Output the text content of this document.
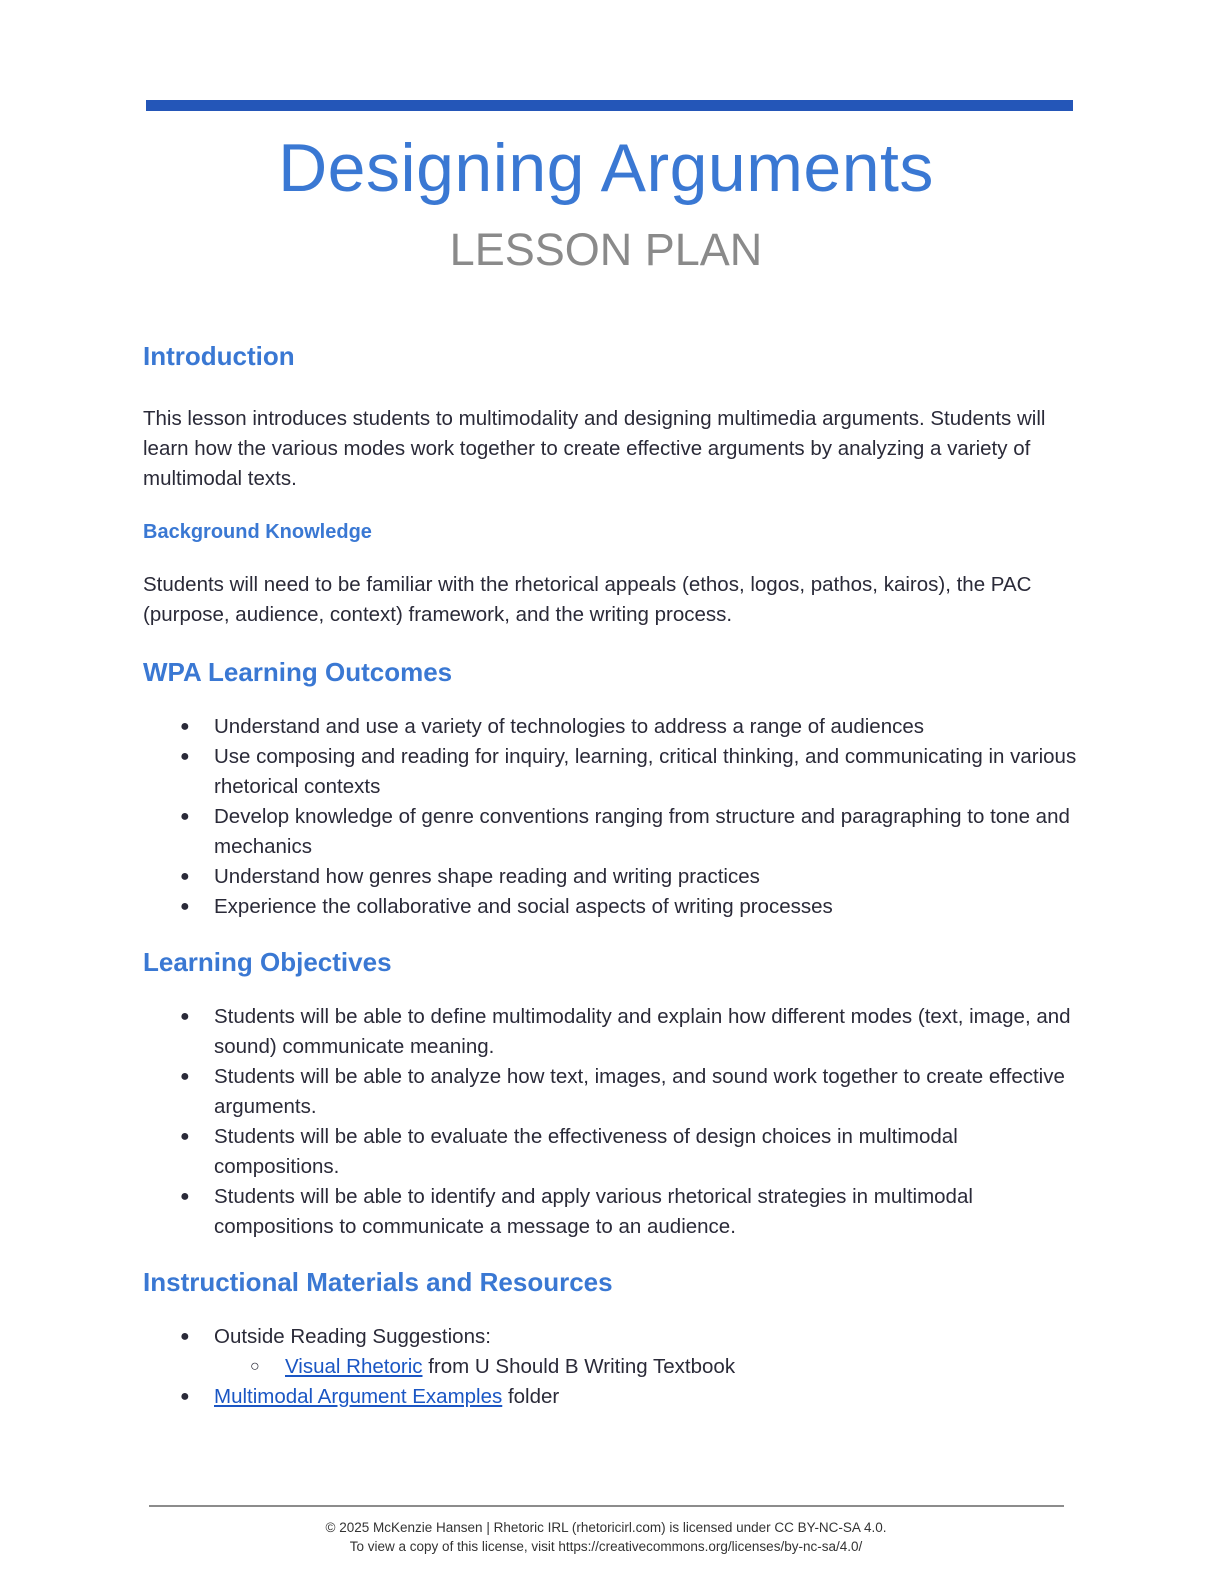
Designing Arguments
LESSON PLAN
Introduction

This lesson introduces students to multimodality and designing multimedia arguments. Students will learn how the various modes work together to create effective arguments by analyzing a variety of multimodal texts.

Background Knowledge

Students will need to be familiar with the rhetorical appeals (ethos, logos, pathos, kairos), the PAC (purpose, audience, context) framework, and the writing process.

WPA Learning Outcomes
● Understand and use a variety of technologies to address a range of audiences
● Use composing and reading for inquiry, learning, critical thinking, and communicating in various rhetorical contexts
● Develop knowledge of genre conventions ranging from structure and paragraphing to tone and mechanics
● Understand how genres shape reading and writing practices
● Experience the collaborative and social aspects of writing processes
Learning Objectives
● Students will be able to define multimodality and explain how different modes (text, image, and sound) communicate meaning.
● Students will be able to analyze how text, images, and sound work together to create effective arguments.
● Students will be able to evaluate the effectiveness of design choices in multimodal compositions.
● Students will be able to identify and apply various rhetorical strategies in multimodal compositions to communicate a message to an audience.
Instructional Materials and Resources
● Outside Reading Suggestions:
○ Visual Rhetoric from U Should B Writing Textbook
● Multimodal Argument Examples folder
© 2025 McKenzie Hansen | Rhetoric IRL (rhetoricirl.com) is licensed under CC BY-NC-SA 4.0.
To view a copy of this license, visit https://creativecommons.org/licenses/by-nc-sa/4.0/
